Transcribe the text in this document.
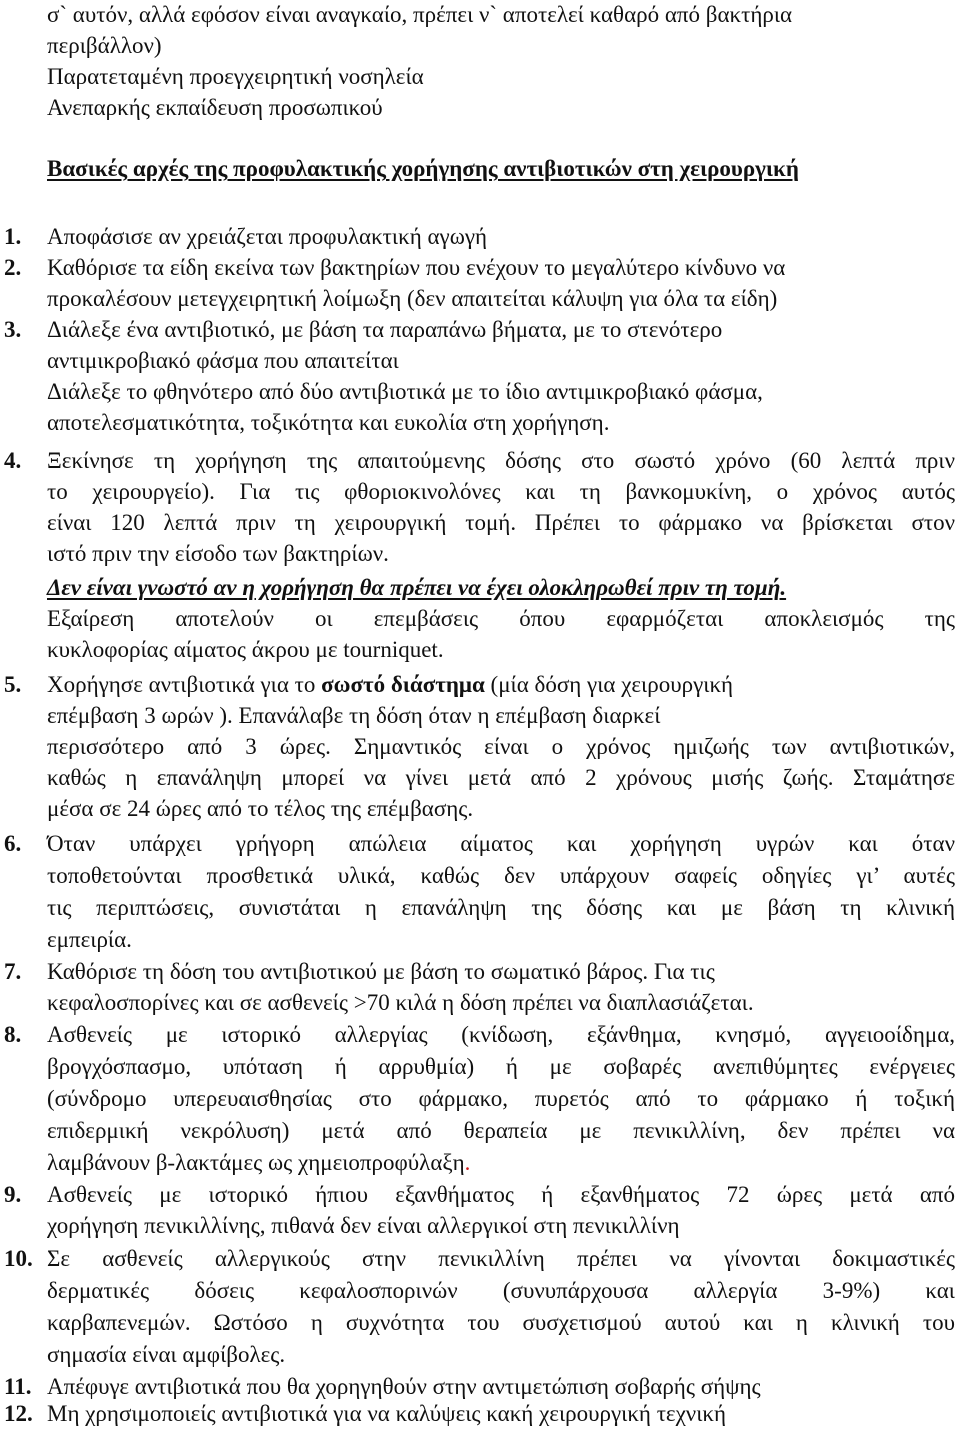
σ` αυτόν, αλλά εφόσον είναι αναγκαίο, πρέπει ν` αποτελεί καθαρό από βακτήρια
περιβάλλον)
Παρατεταμένη προεγχειρητική νοσηλεία
Ανεπαρκής εκπαίδευση προσωπικού
Βασικές αρχές της προφυλακτικής χορήγησης αντιβιοτικών στη χειρουργική
1. Αποφάσισε αν χρειάζεται προφυλακτική αγωγή
2. Καθόρισε τα είδη εκείνα των βακτηρίων που ενέχουν το μεγαλύτερο κίνδυνο να
προκαλέσουν μετεγχειρητική λοίμωξη (δεν απαιτείται κάλυψη για όλα τα είδη)
3. Διάλεξε ένα αντιβιοτικό, με βάση τα παραπάνω βήματα, με το στενότερο
αντιμικροβιακό φάσμα που απαιτείται
Διάλεξε το φθηνότερο από δύο αντιβιοτικά με το ίδιο αντιμικροβιακό φάσμα,
αποτελεσματικότητα, τοξικότητα και ευκολία στη χορήγηση.
4. Ξεκίνησε τη χορήγηση της απαιτούμενης δόσης στο σωστό χρόνο (60 λεπτά πριν
το χειρουργείο). Για τις φθοριοκινολόνες και τη βανκομυκίνη, ο χρόνος αυτός
είναι 120 λεπτά πριν τη χειρουργική τομή. Πρέπει το φάρμακο να βρίσκεται στον
ιστό πριν την είσοδο των βακτηρίων.
Δεν είναι γνωστό αν η χορήγηση θα πρέπει να έχει ολοκληρωθεί πριν τη τομή.
Εξαίρεση αποτελούν οι επεμβάσεις όπου εφαρμόζεται αποκλεισμός της
κυκλοφορίας αίματος άκρου με tourniquet.
5. Χορήγησε αντιβιοτικά για το σωστό διάστημα (μία δόση για χειρουργική
επέμβαση 3 ωρών ). Επανάλαβε τη δόση όταν η επέμβαση διαρκεί
περισσότερο από 3 ώρες. Σημαντικός είναι ο χρόνος ημιζωής των αντιβιοτικών,
καθώς η επανάληψη μπορεί να γίνει μετά από 2 χρόνους μισής ζωής. Σταμάτησε
μέσα σε 24 ώρες από το τέλος της επέμβασης.
6. Όταν υπάρχει γρήγορη απώλεια αίματος και χορήγηση υγρών και όταν
τοποθετούνται προσθετικά υλικά, καθώς δεν υπάρχουν σαφείς οδηγίες γι’ αυτές
τις περιπτώσεις, συνιστάται η επανάληψη της δόσης και με βάση τη κλινική
εμπειρία.
7. Καθόρισε τη δόση του αντιβιοτικού με βάση το σωματικό βάρος. Για τις
κεφαλοσπορίνες και σε ασθενείς >70 κιλά η δόση πρέπει να διαπλασιάζεται.
8. Ασθενείς με ιστορικό αλλεργίας (κνίδωση, εξάνθημα, κνησμό, αγγειοοίδημα,
βρογχόσπασμο, υπόταση ή αρρυθμία) ή με σοβαρές ανεπιθύμητες ενέργειες
(σύνδρομο υπερευαισθησίας στο φάρμακο, πυρετός από το φάρμακο ή τοξική
επιδερμική νεκρόλυση) μετά από θεραπεία με πενικιλλίνη, δεν πρέπει να
λαμβάνουν β-λακτάμες ως χημειοπροφύλαξη.
9. Ασθενείς με ιστορικό ήπιου εξανθήματος ή εξανθήματος 72 ώρες μετά από
χορήγηση πενικιλλίνης, πιθανά δεν είναι αλλεργικοί στη πενικιλλίνη
10. Σε ασθενείς αλλεργικούς στην πενικιλλίνη πρέπει να γίνονται δοκιμαστικές
δερματικές δόσεις κεφαλοσπορινών (συνυπάρχουσα αλλεργία 3-9%) και
καρβαπενεμών. Ωστόσο η συχνότητα του συσχετισμού αυτού και η κλινική του
σημασία είναι αμφίβολες.
11. Απέφυγε αντιβιοτικά που θα χορηγηθούν στην αντιμετώπιση σοβαρής σήψης
12. Μη χρησιμοποιείς αντιβιοτικά για να καλύψεις κακή χειρουργική τεχνική
